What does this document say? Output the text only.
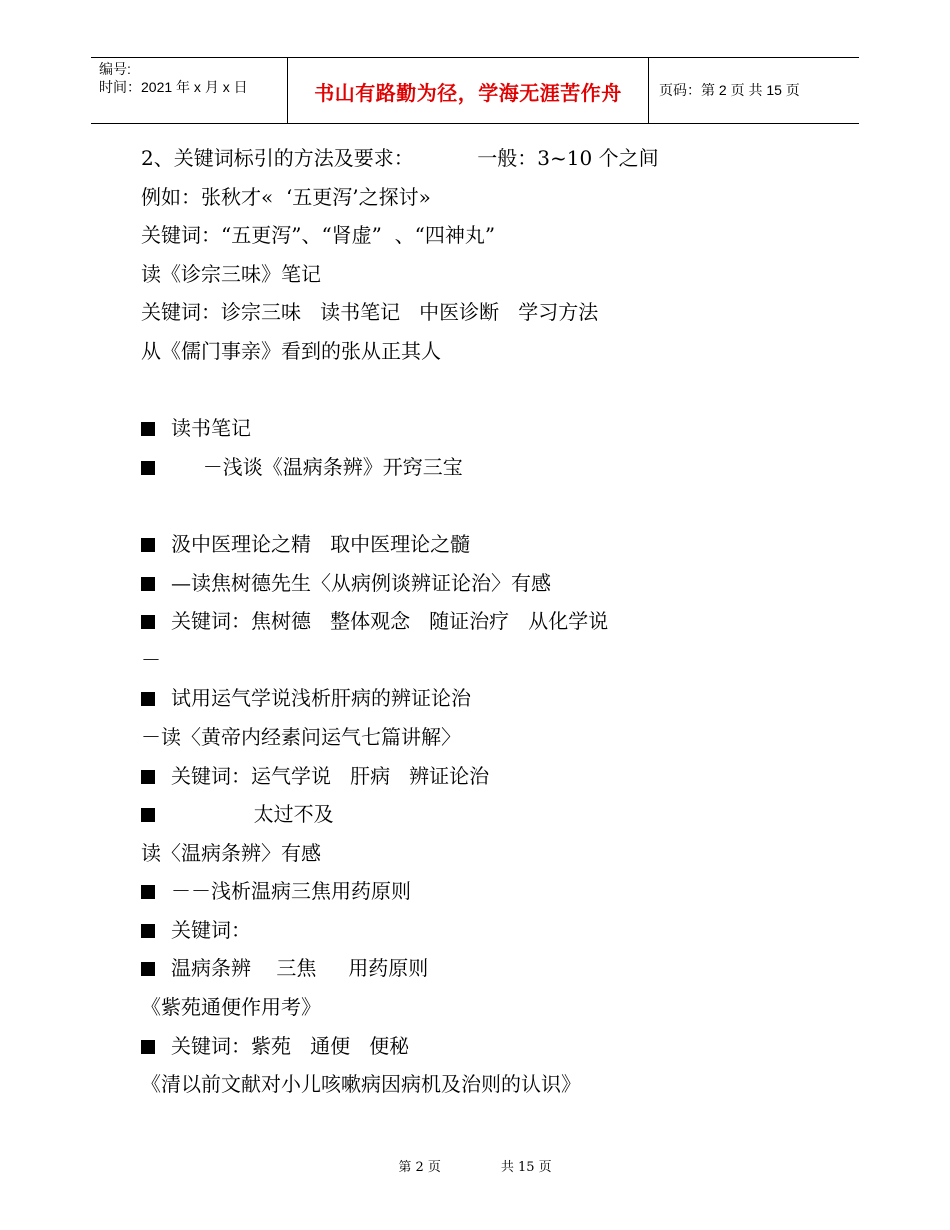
编号:
时间：2021 年 x 月 x 日	书山有路勤为径，学海无涯苦作舟	页码：第 2 页 共 15 页
2、关键词标引的方法及要求：          一般：3~10 个之间
例如：张秋才«  ‘五更泻’之探讨»
关键词：“五更泻”、“肾虚”  、“四神丸”
读《诊宗三味》笔记
关键词：诊宗三味   读书笔记   中医诊断   学习方法
从《儒门事亲》看到的张从正其人
读书笔记
－浅谈《温病条辨》开窍三宝
汲中医理论之精   取中医理论之髓
—读焦树德先生〈从病例谈辨证论治〉有感
关键词：焦树德   整体观念   随证治疗   从化学说
－
试用运气学说浅析肝病的辨证论治
－读〈黄帝内经素问运气七篇讲解〉
关键词：运气学说   肝病   辨证论治
太过不及
读〈温病条辨〉有感
－－浅析温病三焦用药原则
关键词：
温病条辨    三焦     用药原则
《紫苑通便作用考》
关键词：紫苑   通便   便秘
《清以前文献对小儿咳嗽病因病机及治则的认识》
第 2 页	共 15 页
